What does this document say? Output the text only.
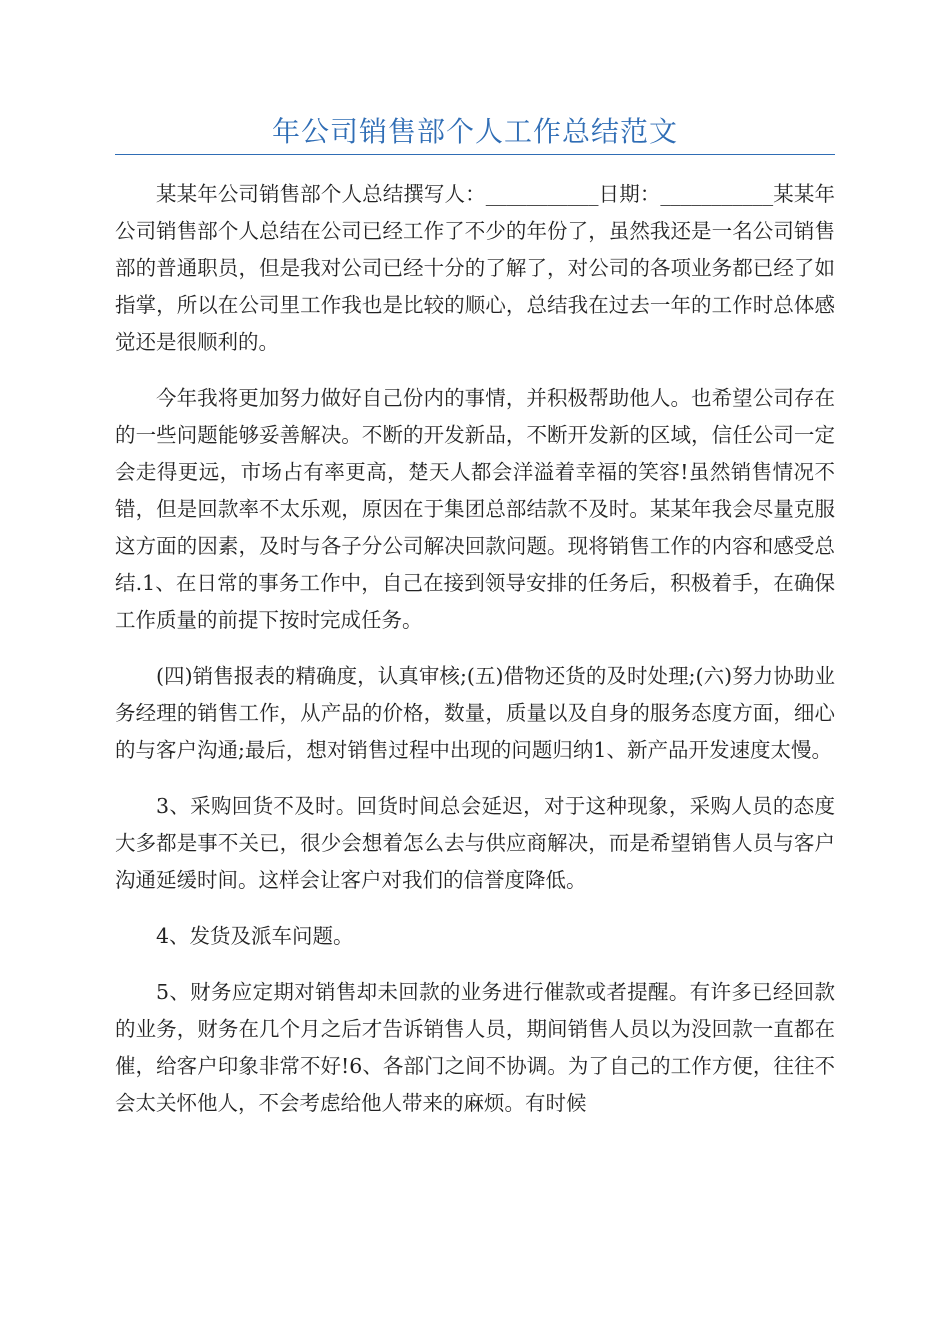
年公司销售部个人工作总结范文

某某年公司销售部个人总结撰写人：___________日期：___________某某年公司销售部个人总结在公司已经工作了不少的年份了，虽然我还是一名公司销售部的普通职员，但是我对公司已经十分的了解了，对公司的各项业务都已经了如指掌，所以在公司里工作我也是比较的顺心，总结我在过去一年的工作时总体感觉还是很顺利的。

今年我将更加努力做好自己份内的事情，并积极帮助他人。也希望公司存在的一些问题能够妥善解决。不断的开发新品，不断开发新的区域，信任公司一定会走得更远，市场占有率更高，楚天人都会洋溢着幸福的笑容!虽然销售情况不错，但是回款率不太乐观，原因在于集团总部结款不及时。某某年我会尽量克服这方面的因素，及时与各子分公司解决回款问题。现将销售工作的内容和感受总结.1、在日常的事务工作中，自己在接到领导安排的任务后，积极着手，在确保工作质量的前提下按时完成任务。

(四)销售报表的精确度，认真审核;(五)借物还货的及时处理;(六)努力协助业务经理的销售工作，从产品的价格，数量，质量以及自身的服务态度方面，细心的与客户沟通;最后，想对销售过程中出现的问题归纳1、新产品开发速度太慢。

3、采购回货不及时。回货时间总会延迟，对于这种现象，采购人员的态度大多都是事不关已，很少会想着怎么去与供应商解决，而是希望销售人员与客户沟通延缓时间。这样会让客户对我们的信誉度降低。

4、发货及派车问题。

5、财务应定期对销售却未回款的业务进行催款或者提醒。有许多已经回款的业务，财务在几个月之后才告诉销售人员，期间销售人员以为没回款一直都在催，给客户印象非常不好!6、各部门之间不协调。为了自己的工作方便，往往不会太关怀他人，不会考虑给他人带来的麻烦。有时候
